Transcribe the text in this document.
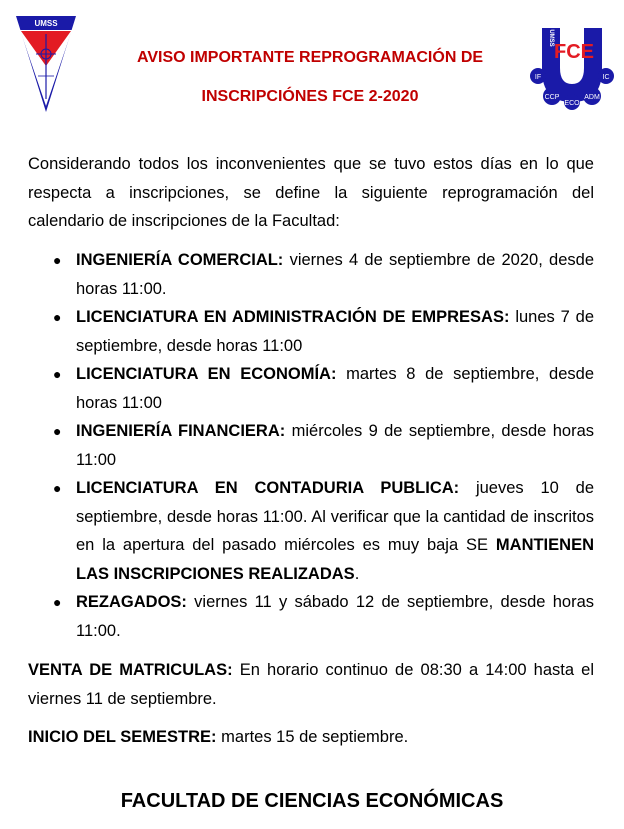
UMSS
AVISO IMPORTANTE REPROGRAMACIÓN DE
INSCRIPCIÓNES FCE 2-2020
FCE
UMSS
IF	IC
CCP
ECO
ADM

Considerando todos los inconvenientes que se tuvo estos días en lo que respecta a inscripciones, se define la siguiente reprogramación del calendario de inscripciones de la Facultad:

● INGENIERÍA COMERCIAL: viernes 4 de septiembre de 2020, desde horas 11:00.
● LICENCIATURA EN ADMINISTRACIÓN DE EMPRESAS: lunes 7 de septiembre, desde horas 11:00
● LICENCIATURA EN ECONOMÍA: martes 8 de septiembre, desde horas 11:00
● INGENIERÍA FINANCIERA: miércoles 9 de septiembre, desde horas 11:00
● LICENCIATURA EN CONTADURIA PUBLICA: jueves 10 de septiembre, desde horas 11:00. Al verificar que la cantidad de inscritos en la apertura del pasado miércoles es muy baja SE MANTIENEN LAS INSCRIPCIONES REALIZADAS.
● REZAGADOS: viernes 11 y sábado 12 de septiembre, desde horas 11:00.

VENTA DE MATRICULAS: En horario continuo de 08:30 a 14:00 hasta el viernes 11 de septiembre.

INICIO DEL SEMESTRE: martes 15 de septiembre.

FACULTAD DE CIENCIAS ECONÓMICAS
